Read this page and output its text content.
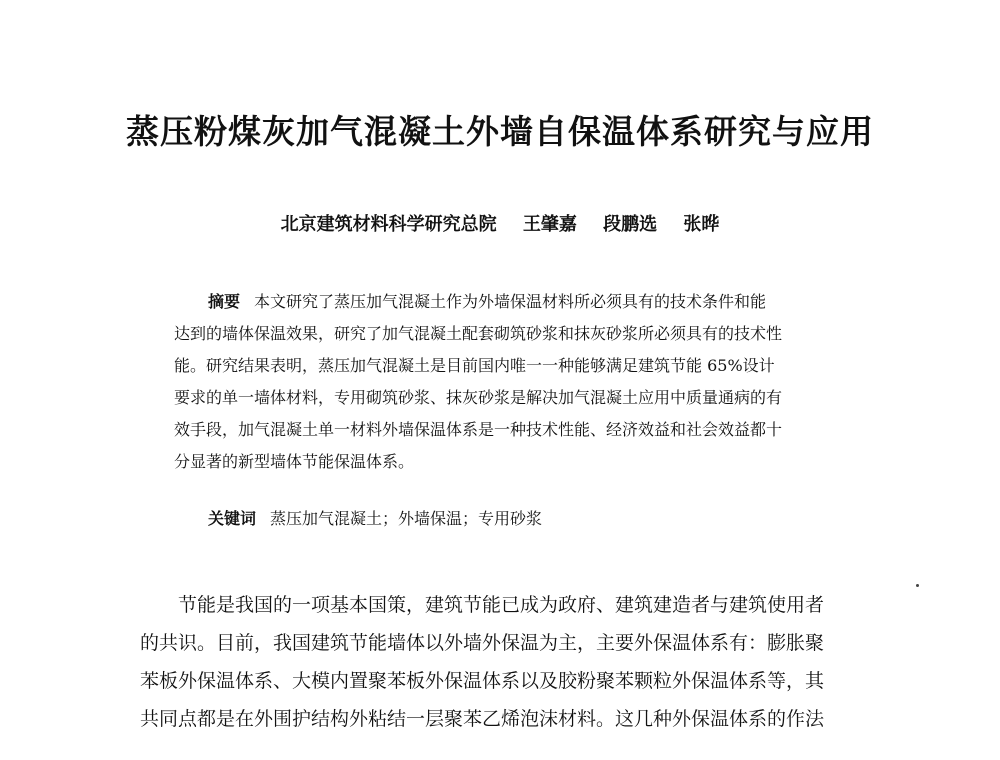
蒸压粉煤灰加气混凝土外墙自保温体系研究与应用
北京建筑材料科学研究总院 王肇嘉 段鹏选 张晔
摘要 本文研究了蒸压加气混凝土作为外墙保温材料所必须具有的技术条件和能
达到的墙体保温效果，研究了加气混凝土配套砌筑砂浆和抹灰砂浆所必须具有的技术性
能。研究结果表明，蒸压加气混凝土是目前国内唯一一种能够满足建筑节能 65%设计
要求的单一墙体材料，专用砌筑砂浆、抹灰砂浆是解决加气混凝土应用中质量通病的有
效手段，加气混凝土单一材料外墙保温体系是一种技术性能、经济效益和社会效益都十
分显著的新型墙体节能保温体系。
关键词 蒸压加气混凝土；外墙保温；专用砂浆
节能是我国的一项基本国策，建筑节能已成为政府、建筑建造者与建筑使用者
的共识。目前，我国建筑节能墙体以外墙外保温为主，主要外保温体系有：膨胀聚
苯板外保温体系、大模内置聚苯板外保温体系以及胶粉聚苯颗粒外保温体系等，其
共同点都是在外围护结构外粘结一层聚苯乙烯泡沫材料。这几种外保温体系的作法
